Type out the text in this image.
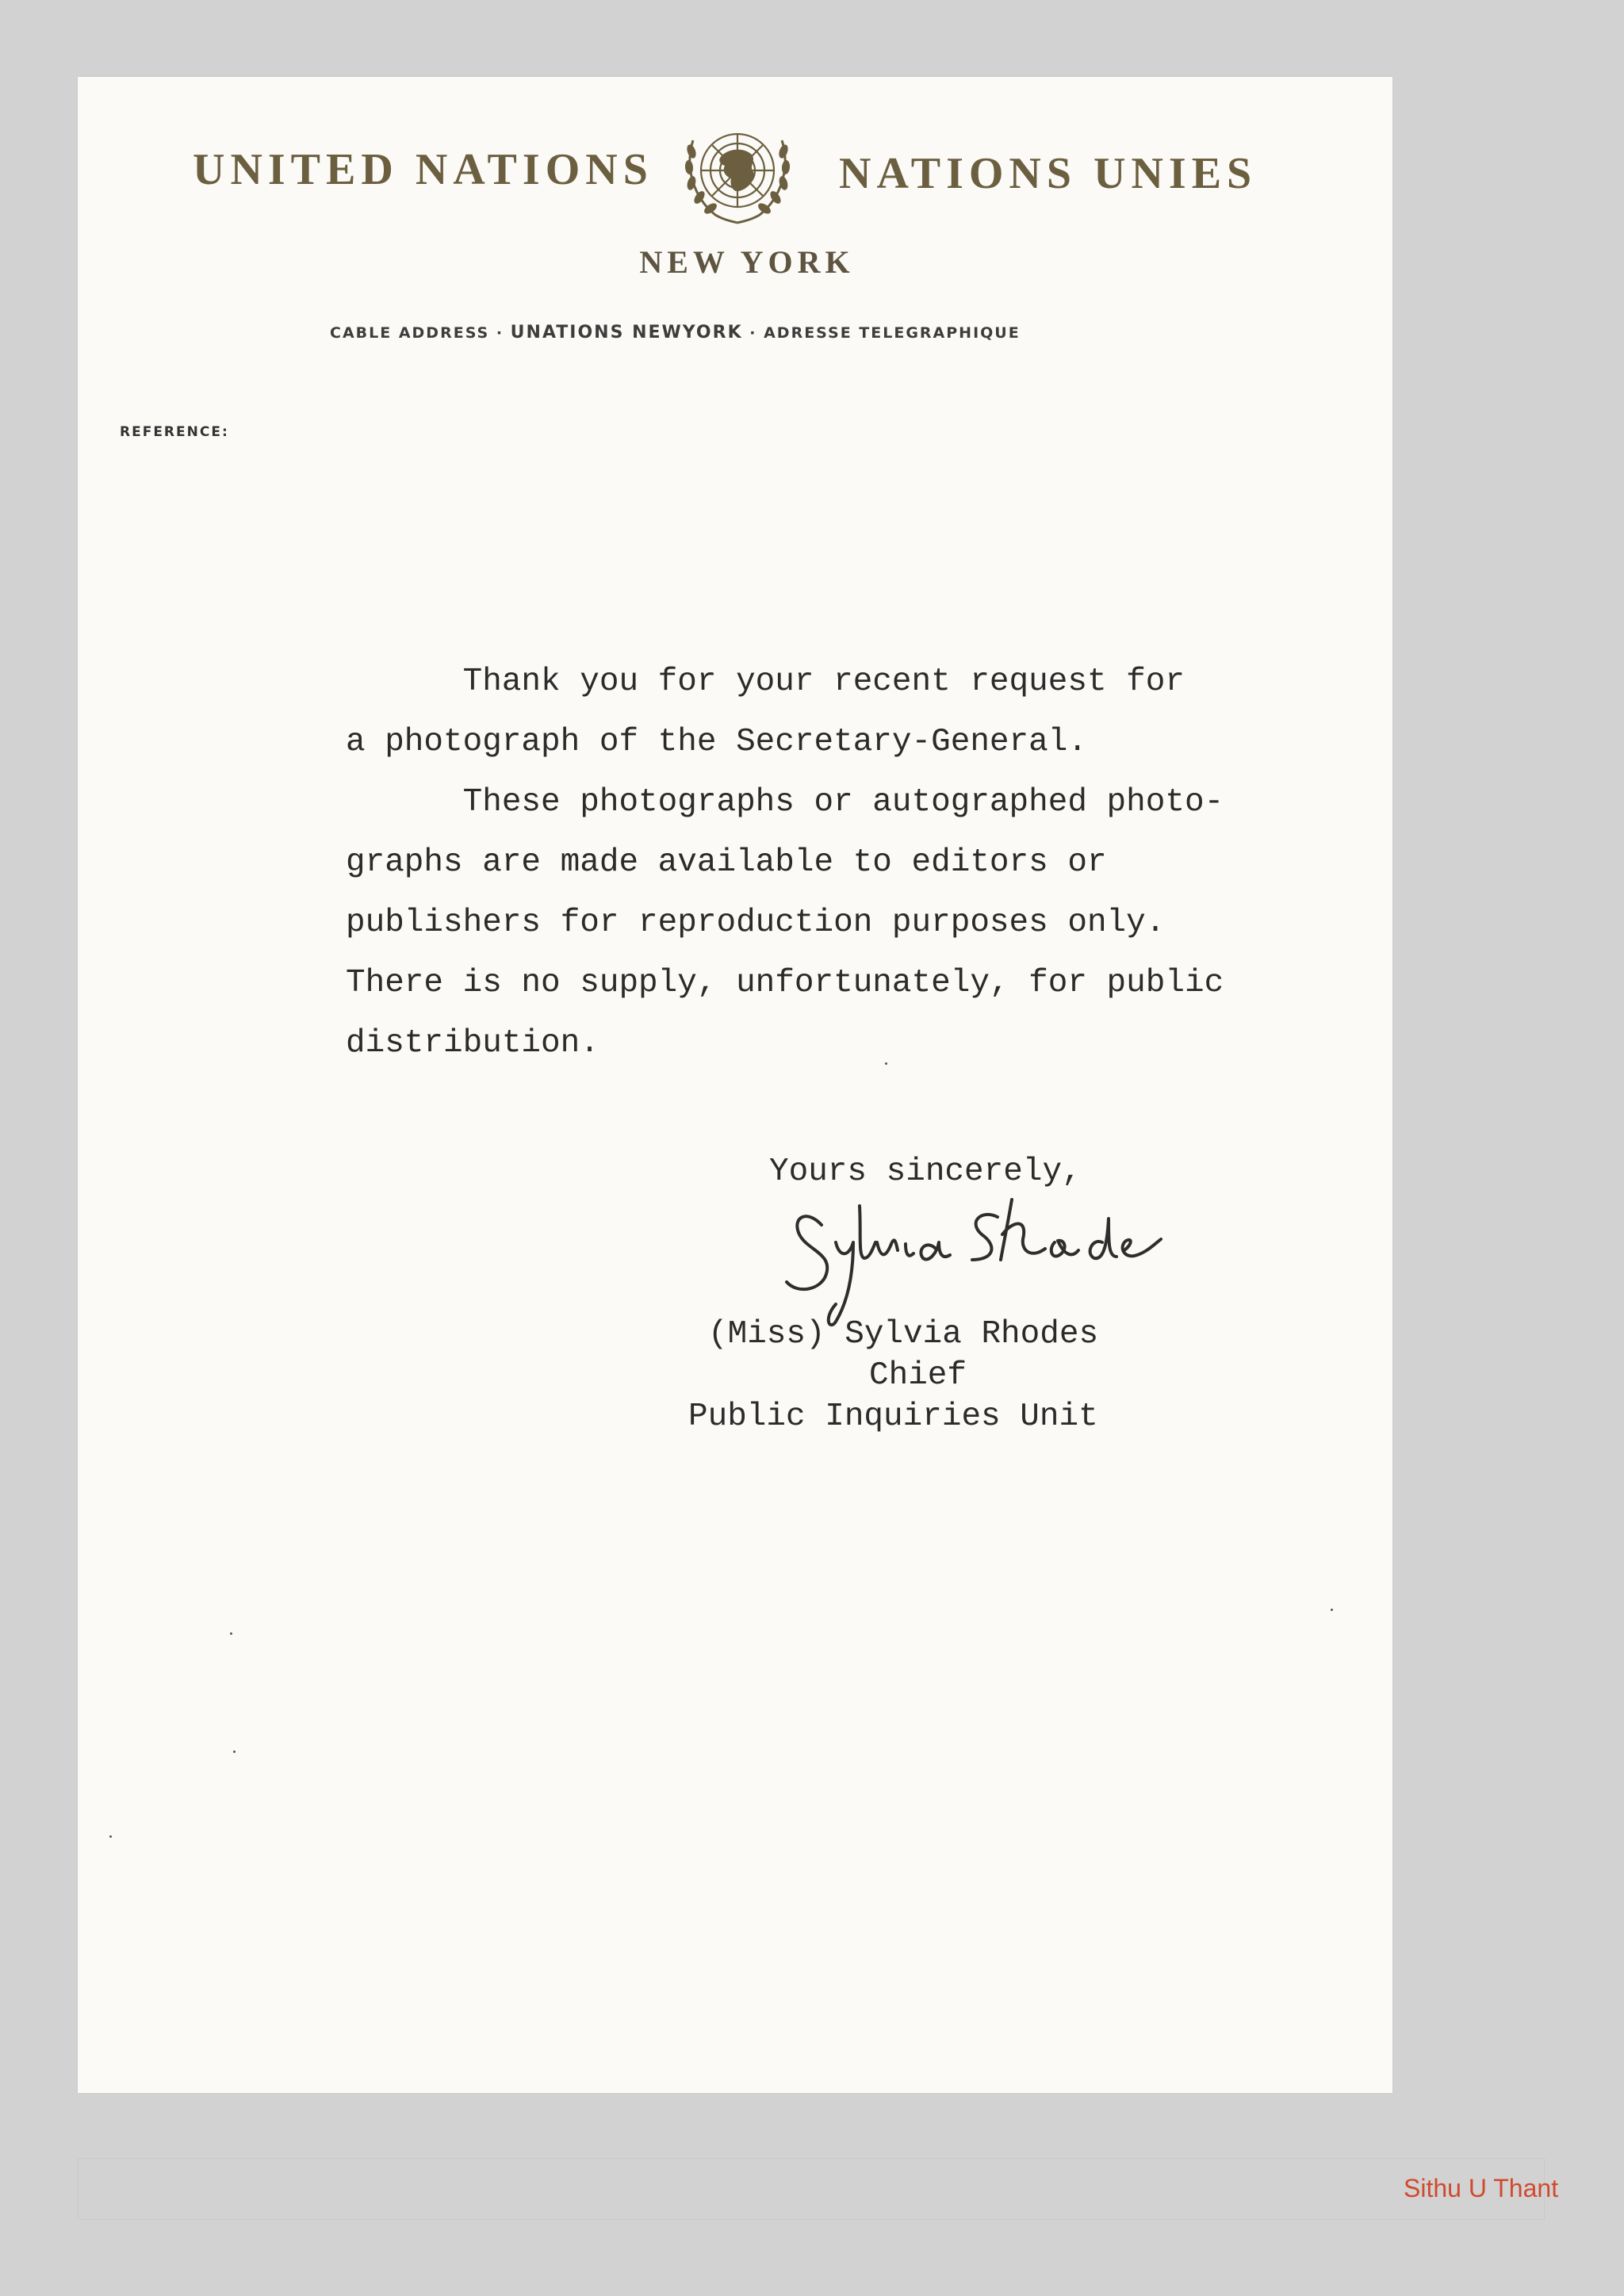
UNITED NATIONS	NATIONS UNIES
NEW YORK
CABLE ADDRESS · UNATIONS NEWYORK · ADRESSE TELEGRAPHIQUE
REFERENCE:

Thank you for your recent request for

a photograph of the Secretary-General.

These photographs or autographed photo-

graphs are made available to editors or

publishers for reproduction purposes only.

There is no supply, unfortunately, for public

distribution.

Yours sincerely,
(Miss) Sylvia Rhodes
Chief
Public Inquiries Unit
Sithu U Thant
